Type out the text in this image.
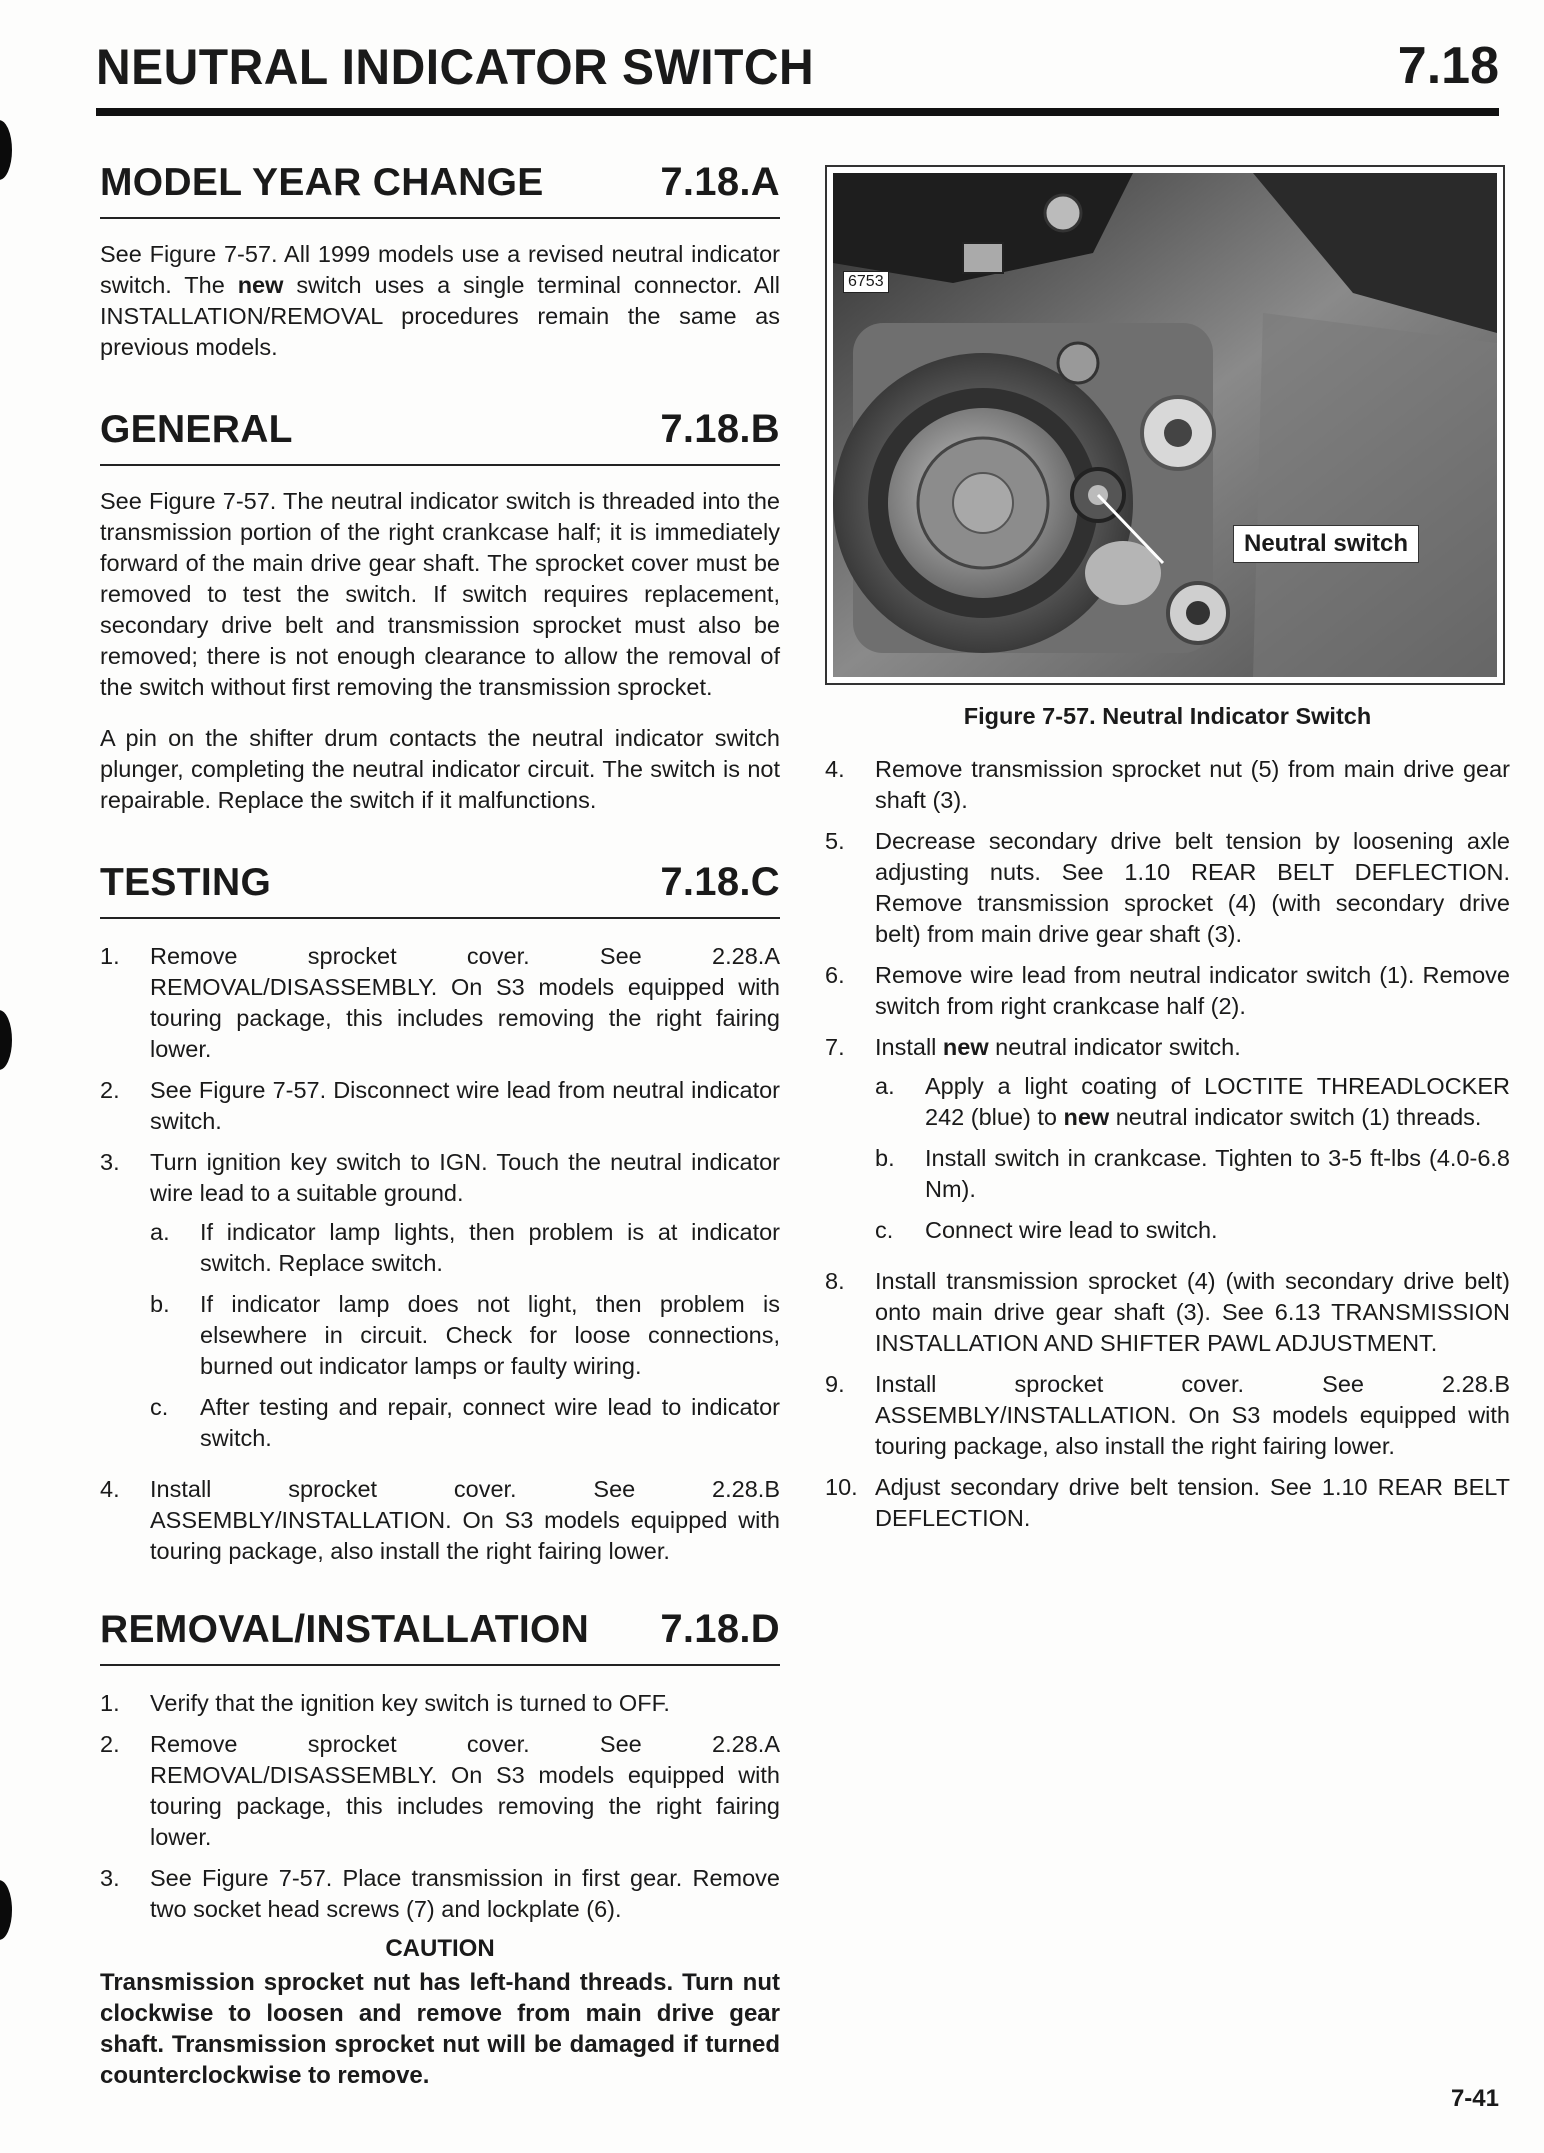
NEUTRAL INDICATOR SWITCH	7.18
MODEL YEAR CHANGE	7.18.A

See Figure 7-57. All 1999 models use a revised neutral indicator switch. The new switch uses a single terminal connector. All INSTALLATION/REMOVAL procedures remain the same as previous models.

GENERAL	7.18.B

See Figure 7-57. The neutral indicator switch is threaded into the transmission portion of the right crankcase half; it is immediately forward of the main drive gear shaft. The sprocket cover must be removed to test the switch. If switch requires replacement, secondary drive belt and transmission sprocket must also be removed; there is not enough clearance to allow the removal of the switch without first removing the transmission sprocket.

A pin on the shifter drum contacts the neutral indicator switch plunger, completing the neutral indicator circuit. The switch is not repairable. Replace the switch if it malfunctions.

TESTING	7.18.C
1.	Remove sprocket cover. See 2.28.A REMOVAL/DISASSEMBLY. On S3 models equipped with touring package, this includes removing the right fairing lower.
2.	See Figure 7-57. Disconnect wire lead from neutral indicator switch.
3.	Turn ignition key switch to IGN. Touch the neutral indicator wire lead to a suitable ground.
a.	If indicator lamp lights, then problem is at indicator switch. Replace switch.
b.	If indicator lamp does not light, then problem is elsewhere in circuit. Check for loose connections, burned out indicator lamps or faulty wiring.
c.	After testing and repair, connect wire lead to indicator switch.
4.	Install sprocket cover. See 2.28.B ASSEMBLY/INSTALLATION. On S3 models equipped with touring package, also install the right fairing lower.
REMOVAL/INSTALLATION 7.18.D
1.	Verify that the ignition key switch is turned to OFF.
2.	Remove sprocket cover. See 2.28.A REMOVAL/DISASSEMBLY. On S3 models equipped with touring package, this includes removing the right fairing lower.
3.	See Figure 7-57. Place transmission in first gear. Remove two socket head screws (7) and lockplate (6).
CAUTION

Transmission sprocket nut has left-hand threads. Turn nut clockwise to loosen and remove from main drive gear shaft. Transmission sprocket nut will be damaged if turned counterclockwise to remove.

6753
Neutral switch
Figure 7-57. Neutral Indicator Switch
4.	Remove transmission sprocket nut (5) from main drive gear shaft (3).
5.	Decrease secondary drive belt tension by loosening axle adjusting nuts. See 1.10 REAR BELT DEFLECTION. Remove transmission sprocket (4) (with secondary drive belt) from main drive gear shaft (3).
6.	Remove wire lead from neutral indicator switch (1). Remove switch from right crankcase half (2).
7.	Install new neutral indicator switch.
a.	Apply a light coating of LOCTITE THREADLOCKER 242 (blue) to new neutral indicator switch (1) threads.
b.	Install switch in crankcase. Tighten to 3-5 ft-lbs (4.0-6.8 Nm).
c.	Connect wire lead to switch.
8.	Install transmission sprocket (4) (with secondary drive belt) onto main drive gear shaft (3). See 6.13 TRANSMISSION INSTALLATION AND SHIFTER PAWL ADJUSTMENT.
9.	Install sprocket cover. See 2.28.B ASSEMBLY/INSTALLATION. On S3 models equipped with touring package, also install the right fairing lower.
10. Adjust secondary drive belt tension. See 1.10 REAR BELT DEFLECTION.
7-41
